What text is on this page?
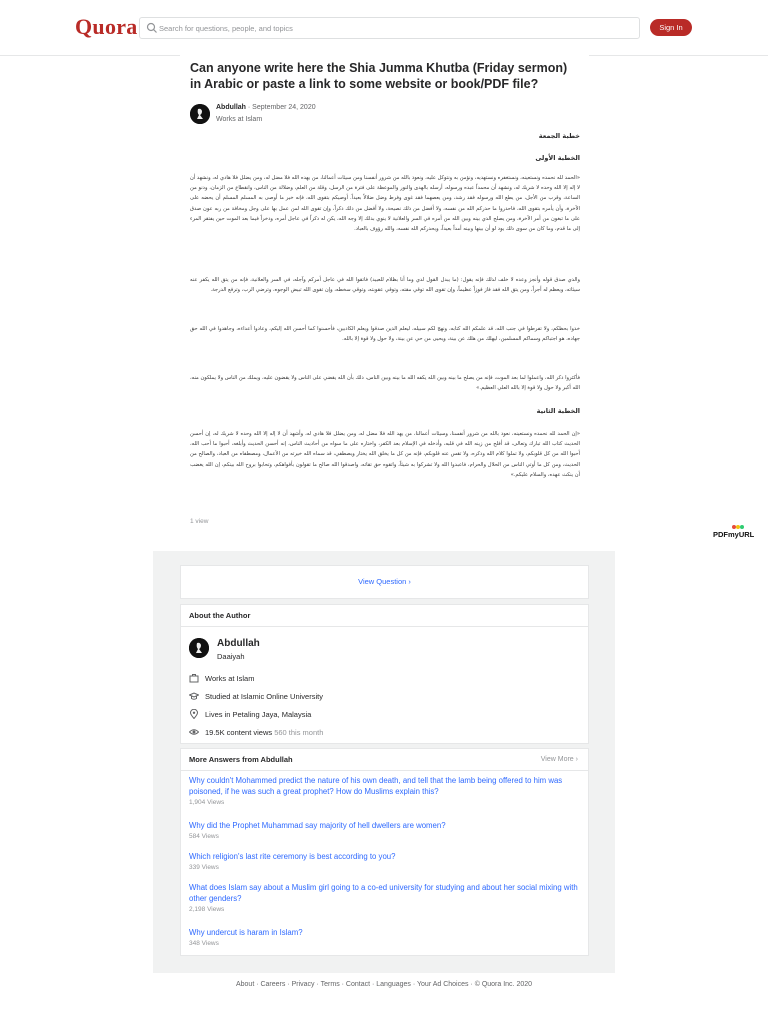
Quora
Search for questions, people, and topics	Sign In
Can anyone write here the Shia Jumma Khutba (Friday sermon) in Arabic or paste a link to some website or book/PDF file?
Abdullah · September 24, 2020
Works at Islam
خطبة الجمعة
الخطبة الأولى
«الحمد لله نحمده ونستعينه، ونستغفره ونستهديه، ونؤمن به ونتوكل عليه، ونعوذ بالله من شرور أنفسنا ومن سيئات أعمالنا، من يهده الله فلا مضل له، ومن يضلل فلا هادي له، ونشهد أن لا إله إلا الله وحده لا شريك له، ونشهد أن محمداً عبده ورسوله، أرسله بالهدى والنور والموعظة على فترة من الرسل، وقلة من العلم، وضلالة من الناس، وانقطاع من الزمان، ودنو من الساعة، وقرب من الأجل، من يطع الله ورسوله فقد رشد، ومن يعصهما فقد غوى وفرط وضل ضلالاً بعيداً. أوصيكم بتقوى الله، فإنه خير ما أوصى به المسلم المسلم أن يحضه على الآخرة، وأن يأمره بتقوى الله، فاحذروا ما حذركم الله من نفسه، ولا أفضل من ذلك نصيحة، ولا أفضل من ذلك ذكراً، وإن تقوى الله لمن عمل بها على وجل ومخافة من ربه عون صدق على ما تبغون من أمر الآخرة، ومن يصلح الذي بينه وبين الله من أمره في السر والعلانية لا ينوي بذلك إلا وجه الله، يكن له ذكراً في عاجل أمره، وذخراً فيما بعد الموت حين يفتقر المرء إلى ما قدم، وما كان من سوى ذلك يود لو أن بينها وبينه أمداً بعيداً، ويحذركم الله نفسه، والله رؤوف بالعباد.
والذي صدق قوله وأنجز وعده لا خلف لذلك فإنه يقول: (ما يبدل القول لدي وما أنا بظلام للعبيد) فاتقوا الله في عاجل أمركم وآجله، في السر والعلانية، فإنه من يتق الله يكفر عنه سيئاته، ويعظم له أجراً، ومن يتق الله فقد فاز فوزاً عظيماً، وإن تقوى الله توقي مقته، وتوقي عقوبته، وتوقي سخطه، وإن تقوى الله تبيض الوجوه، وترضي الرب، وترفع الدرجة.
خذوا بحظكم، ولا تفرطوا في جنب الله، قد علمكم الله كتابه، ونهج لكم سبيله، ليعلم الذين صدقوا ويعلم الكاذبين، فأحسنوا كما أحسن الله إليكم، وعادوا أعداءه، وجاهدوا في الله حق جهاده، هو اجتباكم وسماكم المسلمين، ليهلك من هلك عن بينة، ويحيى من حي عن بينة، ولا حول ولا قوة إلا بالله.
فأكثروا ذكر الله، واعملوا لما بعد الموت، فإنه من يصلح ما بينه وبين الله يكفه الله ما بينه وبين الناس، ذلك بأن الله يقضي على الناس ولا يقضون عليه، ويملك من الناس ولا يملكون منه، الله أكبر ولا حول ولا قوة إلا بالله العلي العظيم.»
الخطبة الثانية
«إن الحمد لله نحمده ونستعينه، نعوذ بالله من شرور أنفسنا، وسيئات أعمالنا، من يهد الله فلا مضل له، ومن يضلل فلا هادي له، وأشهد أن لا إله إلا الله وحده لا شريك له، إن أحسن الحديث كتاب الله تبارك وتعالى، قد أفلح من زينه الله في قلبه، وأدخله في الإسلام بعد الكفر، واختاره على ما سواه من أحاديث الناس، إنه أحسن الحديث وأبلغه، أحبوا ما أحب الله، أحبوا الله من كل قلوبكم، ولا تملوا كلام الله وذكره، ولا تقس عنه قلوبكم، فإنه من كل ما يخلق الله يختار ويصطفي، قد سماه الله خيرته من الأعمال، ومصطفاه من العباد، والصالح من الحديث، ومن كل ما أوتي الناس من الحلال والحرام، فاعبدوا الله ولا تشركوا به شيئاً، واتقوه حق تقاته، واصدقوا الله صالح ما تقولون بأفواهكم، وتحابوا بروح الله بينكم، إن الله يغضب أن ينكث عهده، والسلام عليكم.»
1 view
PDFmyURL
View Question ›
About the Author
Abdullah
Daaiyah
Works at Islam
Studied at Islamic Online University
Lives in Petaling Jaya, Malaysia
19.5K content views 560 this month
More Answers from Abdullah	View More ›
Why couldn't Mohammed predict the nature of his own death, and tell that the lamb being offered to him was poisoned, if he was such a great prophet? How do Muslims explain this?
1,904 Views
Why did the Prophet Muhammad say majority of hell dwellers are women?
584 Views
Which religion's last rite ceremony is best according to you?
339 Views
What does Islam say about a Muslim girl going to a co-ed university for studying and about her social mixing with other genders?
2,198 Views
Why undercut is haram in Islam?
348 Views
About · Careers · Privacy · Terms · Contact · Languages · Your Ad Choices · © Quora Inc. 2020
